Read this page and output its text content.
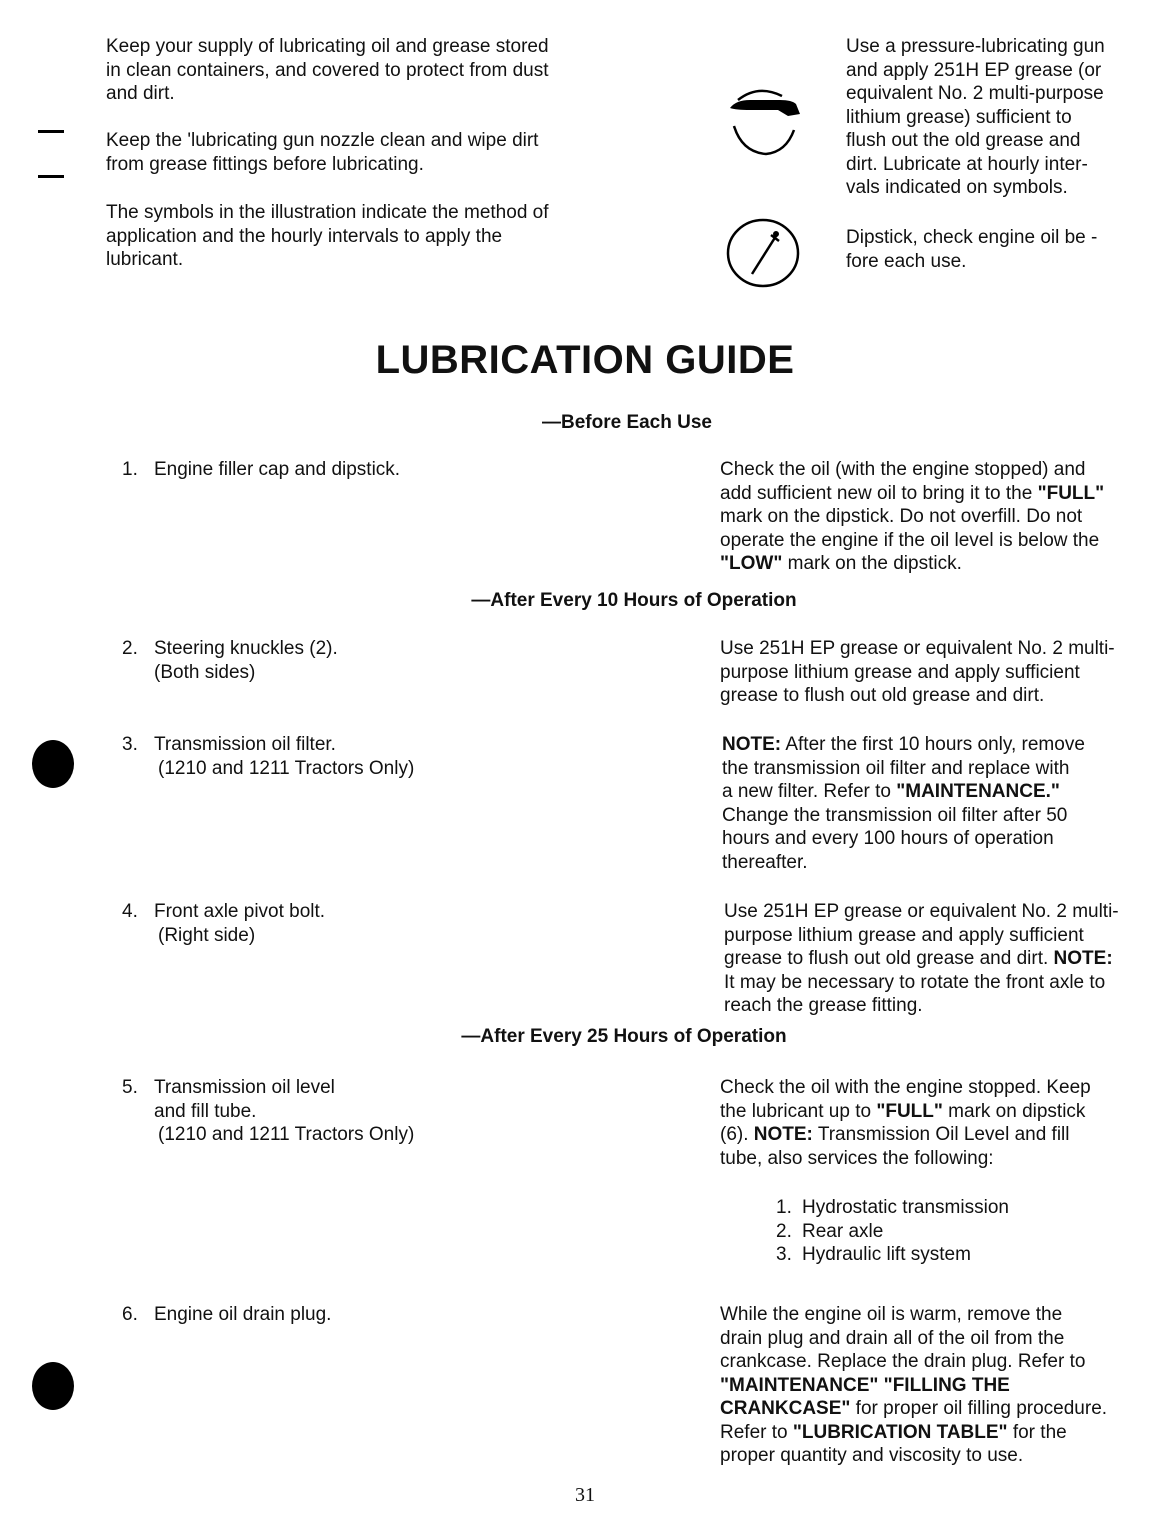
Keep your supply of lubricating oil and grease stored
in clean containers, and covered to protect from dust
and dirt.
Keep the 'lubricating gun nozzle clean and wipe dirt
from grease fittings before lubricating.
The symbols in the illustration indicate the method of
application and the hourly intervals to apply the
lubricant.
Use a pressure-lubricating gun
and apply 251H EP grease (or
equivalent No. 2 multi-purpose
lithium grease) sufficient to
flush out the old grease and
dirt. Lubricate at hourly inter-
vals indicated on symbols.
Dipstick, check engine oil be -
fore each use.
LUBRICATION GUIDE
—Before Each Use
—After Every 10 Hours of Operation
—After Every 25 Hours of Operation
1. Engine filler cap and dipstick.	Check the oil (with the engine stopped) and
add sufficient new oil to bring it to the "FULL"
mark on the dipstick. Do not overfill. Do not
operate the engine if the oil level is below the
"LOW" mark on the dipstick.
2. Steering knuckles (2).
(Both sides)
Use 251H EP grease or equivalent No. 2 multi-
purpose lithium grease and apply sufficient
grease to flush out old grease and dirt.
3. Transmission oil filter.
(1210 and 1211 Tractors Only)
NOTE: After the first 10 hours only, remove
the transmission oil filter and replace with
a new filter. Refer to "MAINTENANCE."
Change the transmission oil filter after 50
hours and every 100 hours of operation
thereafter.
4. Front axle pivot bolt.
(Right side)
Use 251H EP grease or equivalent No. 2 multi-
purpose lithium grease and apply sufficient
grease to flush out old grease and dirt. NOTE:
It may be necessary to rotate the front axle to
reach the grease fitting.
5. Transmission oil level
and fill tube.
(1210 and 1211 Tractors Only)
Check the oil with the engine stopped. Keep
the lubricant up to "FULL" mark on dipstick
(6). NOTE: Transmission Oil Level and fill
tube, also services the following:
1. Hydrostatic transmission
2. Rear axle
3. Hydraulic lift system
6. Engine oil drain plug.	While the engine oil is warm, remove the
drain plug and drain all of the oil from the
crankcase. Replace the drain plug. Refer to
"MAINTENANCE" "FILLING THE
CRANKCASE" for proper oil filling procedure.
Refer to "LUBRICATION TABLE" for the
proper quantity and viscosity to use.
31
